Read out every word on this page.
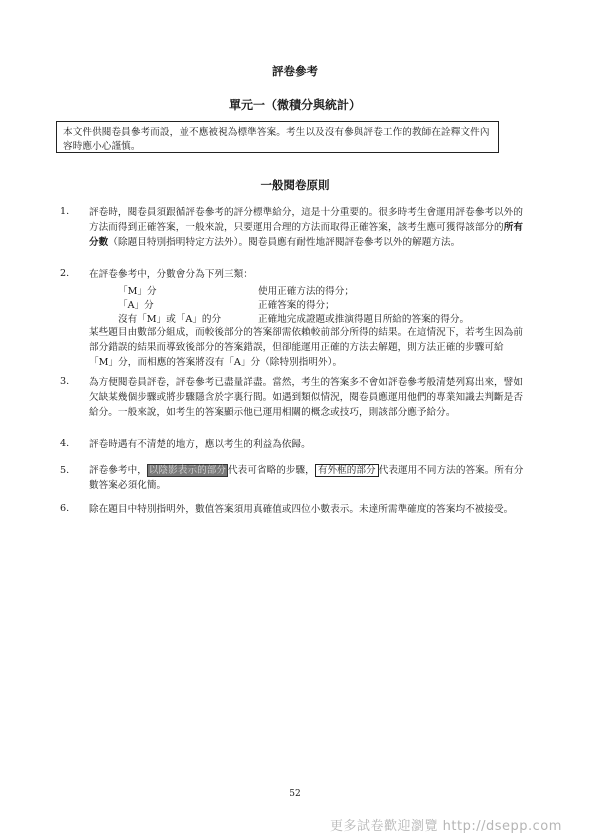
評卷參考
單元一（微積分與統計）
本文件供閱卷員參考而設，並不應被視為標準答案。考生以及沒有參與評卷工作的教師在詮釋文件內容時應小心謹慎。
一般閱卷原則
1. 評卷時，閱卷員須跟循評卷參考的評分標準給分，這是十分重要的。很多時考生會運用評卷參考以外的方法而得到正確答案，一般來說，只要運用合理的方法而取得正確答案，該考生應可獲得該部分的所有分數（除題目特別指明特定方法外）。閱卷員應有耐性地評閱評卷參考以外的解題方法。
2. 在評卷參考中，分數會分為下列三類：
「M」分	使用正確方法的得分；
「A」分	正確答案的得分；
沒有「M」或「A」的分	正確地完成證題或推演得題目所給的答案的得分。
某些題目由數部分組成，而較後部分的答案卻需依賴較前部分所得的結果。在這情況下，若考生因為前部分錯誤的結果而導致後部分的答案錯誤，但卻能運用正確的方法去解題，則方法正確的步驟可給「M」分，而相應的答案將沒有「A」分（除特別指明外）。
3. 為方便閱卷員評卷，評卷參考已盡量詳盡。當然，考生的答案多不會如評卷參考般清楚列寫出來，譬如欠缺某幾個步驟或將步驟隱含於字裏行間。如遇到類似情況，閱卷員應運用他們的專業知識去判斷是否給分。一般來說，如考生的答案顯示他已運用相關的概念或技巧，則該部分應予給分。
4. 評卷時遇有不清楚的地方，應以考生的利益為依歸。
5. 評卷參考中， 以陰影表示的部分 代表可省略的步驟， 有外框的部分 代表運用不同方法的答案。所有分數答案必須化簡。
6. 除在題目中特別指明外，數值答案須用真確值或四位小數表示。未達所需準確度的答案均不被接受。
52
更多試卷歡迎瀏覽 http://dsepp.com
